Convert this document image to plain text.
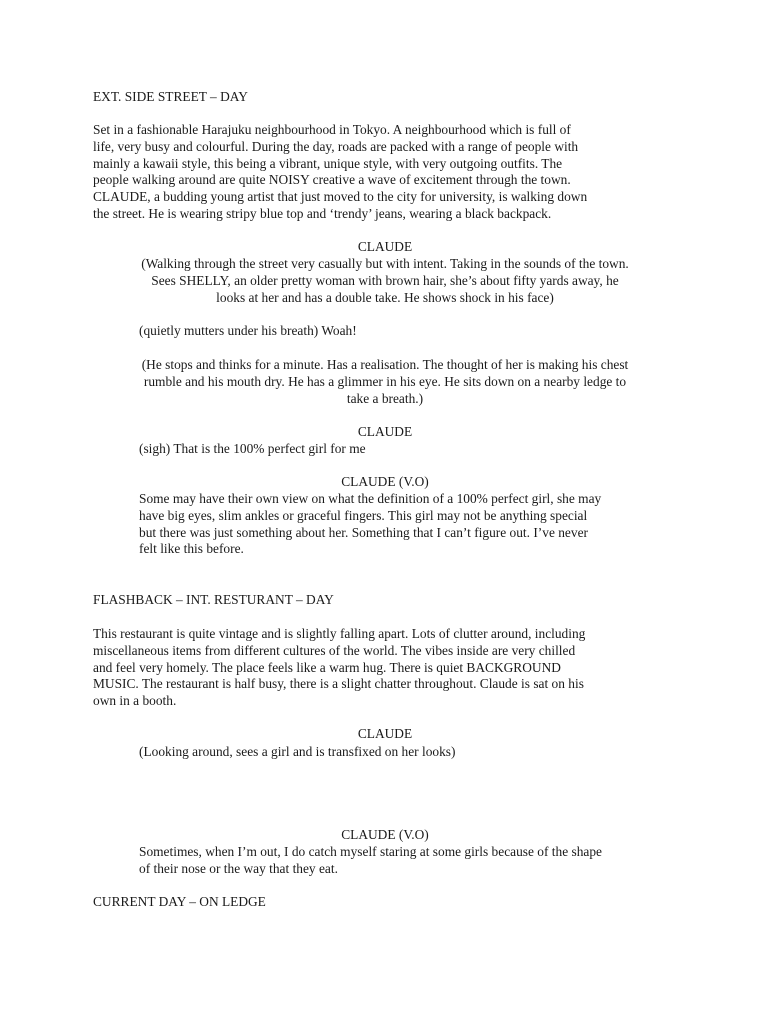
EXT. SIDE STREET – DAY

Set in a fashionable Harajuku neighbourhood in Tokyo. A neighbourhood which is full of
life, very busy and colourful. During the day, roads are packed with a range of people with
mainly a kawaii style, this being a vibrant, unique style, with very outgoing outfits. The
people walking around are quite NOISY creative a wave of excitement through the town.
CLAUDE, a budding young artist that just moved to the city for university, is walking down
the street. He is wearing stripy blue top and ‘trendy’ jeans, wearing a black backpack.

CLAUDE

(Walking through the street very casually but with intent. Taking in the sounds of the town.
Sees SHELLY, an older pretty woman with brown hair, she’s about fifty yards away, he
looks at her and has a double take. He shows shock in his face)

(quietly mutters under his breath) Woah!

(He stops and thinks for a minute. Has a realisation. The thought of her is making his chest
rumble and his mouth dry. He has a glimmer in his eye. He sits down on a nearby ledge to
take a breath.)

CLAUDE

(sigh) That is the 100% perfect girl for me

CLAUDE (V.O)

Some may have their own view on what the definition of a 100% perfect girl, she may
have big eyes, slim ankles or graceful fingers. This girl may not be anything special
but there was just something about her. Something that I can’t figure out. I’ve never
felt like this before.

FLASHBACK – INT. RESTURANT – DAY

This restaurant is quite vintage and is slightly falling apart. Lots of clutter around, including
miscellaneous items from different cultures of the world. The vibes inside are very chilled
and feel very homely. The place feels like a warm hug. There is quiet BACKGROUND
MUSIC. The restaurant is half busy, there is a slight chatter throughout. Claude is sat on his
own in a booth.

CLAUDE

(Looking around, sees a girl and is transfixed on her looks)

CLAUDE (V.O)

Sometimes, when I’m out, I do catch myself staring at some girls because of the shape
of their nose or the way that they eat.

CURRENT DAY – ON LEDGE
